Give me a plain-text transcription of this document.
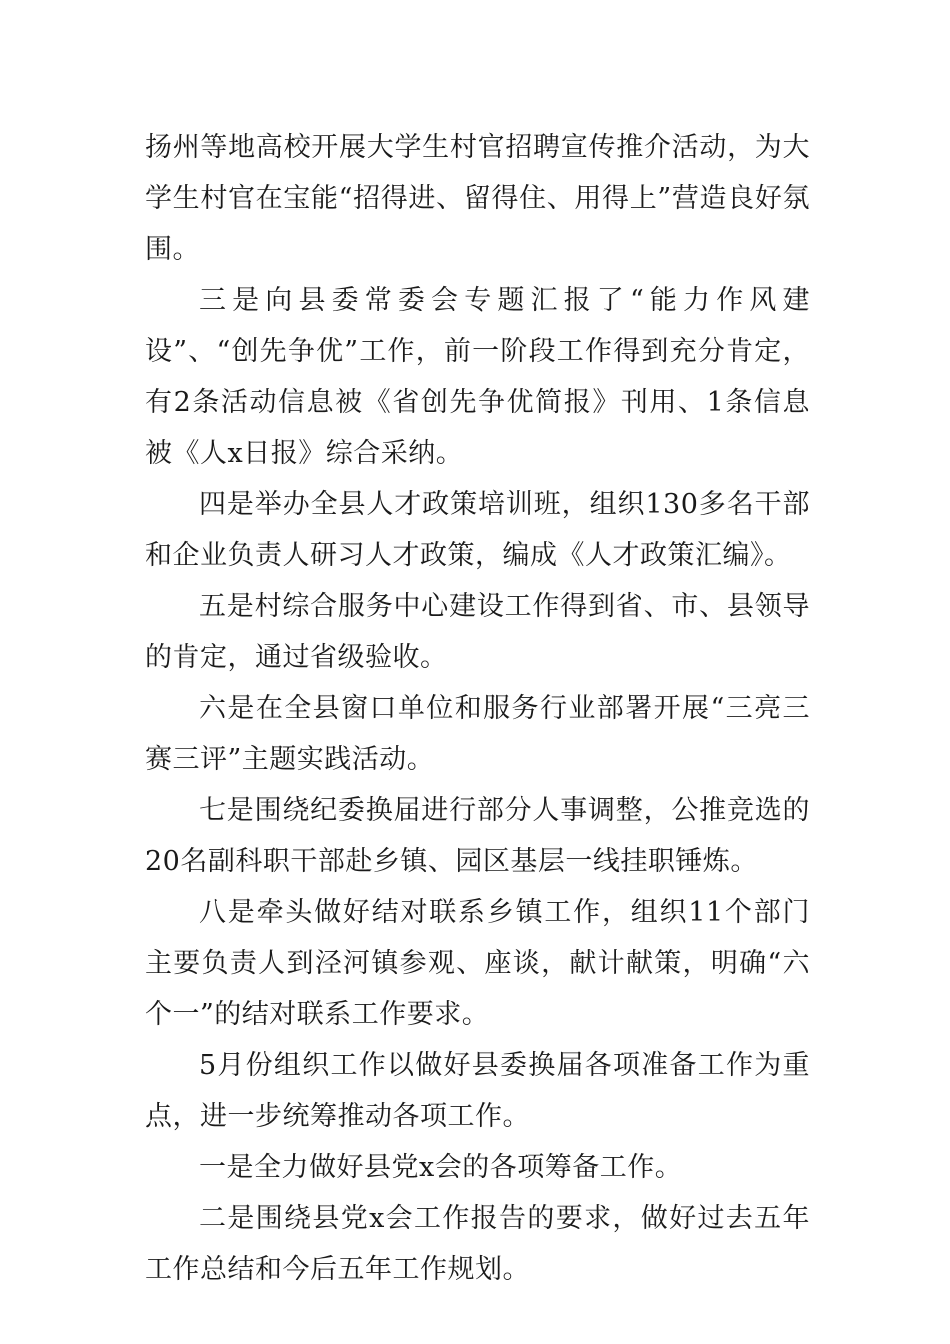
扬州等地高校开展大学生村官招聘宣传推介活动，为大学生村官在宝能“招得进、留得住、用得上”营造良好氛围。

三是向县委常委会专题汇报了“能力作风建设”、“创先争优”工作，前一阶段工作得到充分肯定，有2条活动信息被《省创先争优简报》刊用、1条信息被《人x日报》综合采纳。

四是举办全县人才政策培训班，组织130多名干部和企业负责人研习人才政策，编成《人才政策汇编》。

五是村综合服务中心建设工作得到省、市、县领导的肯定，通过省级验收。

六是在全县窗口单位和服务行业部署开展“三亮三赛三评”主题实践活动。

七是围绕纪委换届进行部分人事调整，公推竞选的20名副科职干部赴乡镇、园区基层一线挂职锤炼。

八是牵头做好结对联系乡镇工作，组织11个部门主要负责人到泾河镇参观、座谈，献计献策，明确“六个一”的结对联系工作要求。

5月份组织工作以做好县委换届各项准备工作为重点，进一步统筹推动各项工作。

一是全力做好县党x会的各项筹备工作。

二是围绕县党x会工作报告的要求，做好过去五年工作总结和今后五年工作规划。
